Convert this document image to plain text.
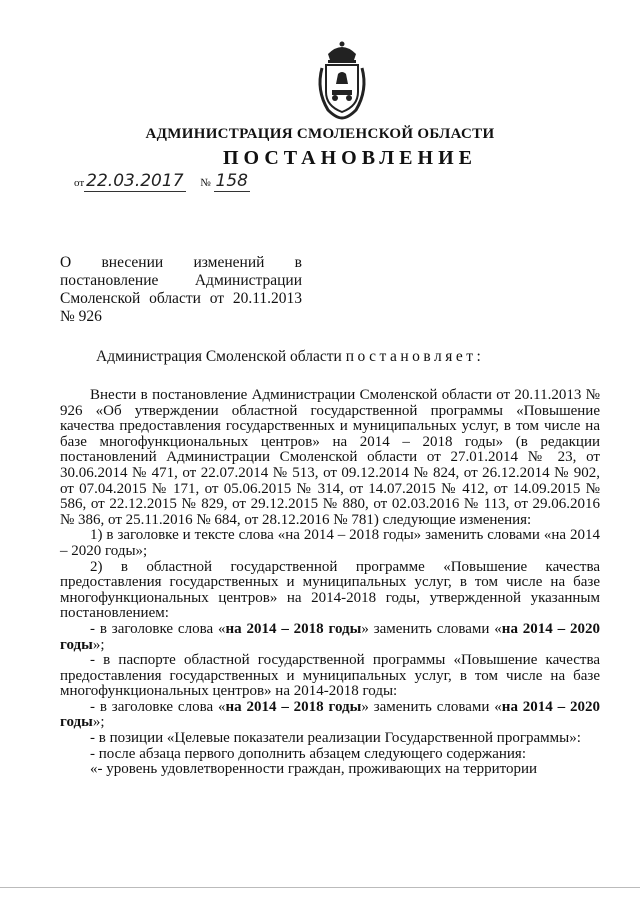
АДМИНИСТРАЦИЯ СМОЛЕНСКОЙ ОБЛАСТИ
ПОСТАНОВЛЕНИЕ
от 22.03.2017 № 158
О внесении изменений в
постановление Администрации
Смоленской области от 20.11.2013
№ 926
Администрация Смоленской области постановляет:

Внести в постановление Администрации Смоленской области от 20.11.2013 № 926 «Об утверждении областной государственной программы «Повышение качества предоставления государственных и муниципальных услуг, в том числе на базе многофункциональных центров» на 2014 – 2018 годы» (в редакции постановлений Администрации Смоленской области от 27.01.2014 № 23, от 30.06.2014 № 471, от 22.07.2014 № 513, от 09.12.2014 № 824, от 26.12.2014 № 902, от 07.04.2015 № 171, от 05.06.2015 № 314, от 14.07.2015 № 412, от 14.09.2015 № 586, от 22.12.2015 № 829, от 29.12.2015 № 880, от 02.03.2016 № 113, от 29.06.2016 № 386, от 25.11.2016 № 684, от 28.12.2016 № 781) следующие изменения:

1) в заголовке и тексте слова «на 2014 – 2018 годы» заменить словами «на 2014 – 2020 годы»;

2) в областной государственной программе «Повышение качества предоставления государственных и муниципальных услуг, в том числе на базе многофункциональных центров» на 2014-2018 годы, утвержденной указанным постановлением:

- в заголовке слова «на 2014 – 2018 годы» заменить словами «на 2014 – 2020 годы»;

- в паспорте областной государственной программы «Повышение качества предоставления государственных и муниципальных услуг, в том числе на базе многофункциональных центров» на 2014-2018 годы:

- в заголовке слова «на 2014 – 2018 годы» заменить словами «на 2014 – 2020 годы»;

- в позиции «Целевые показатели реализации Государственной программы»:

- после абзаца первого дополнить абзацем следующего содержания:

«- уровень удовлетворенности граждан, проживающих на территории
